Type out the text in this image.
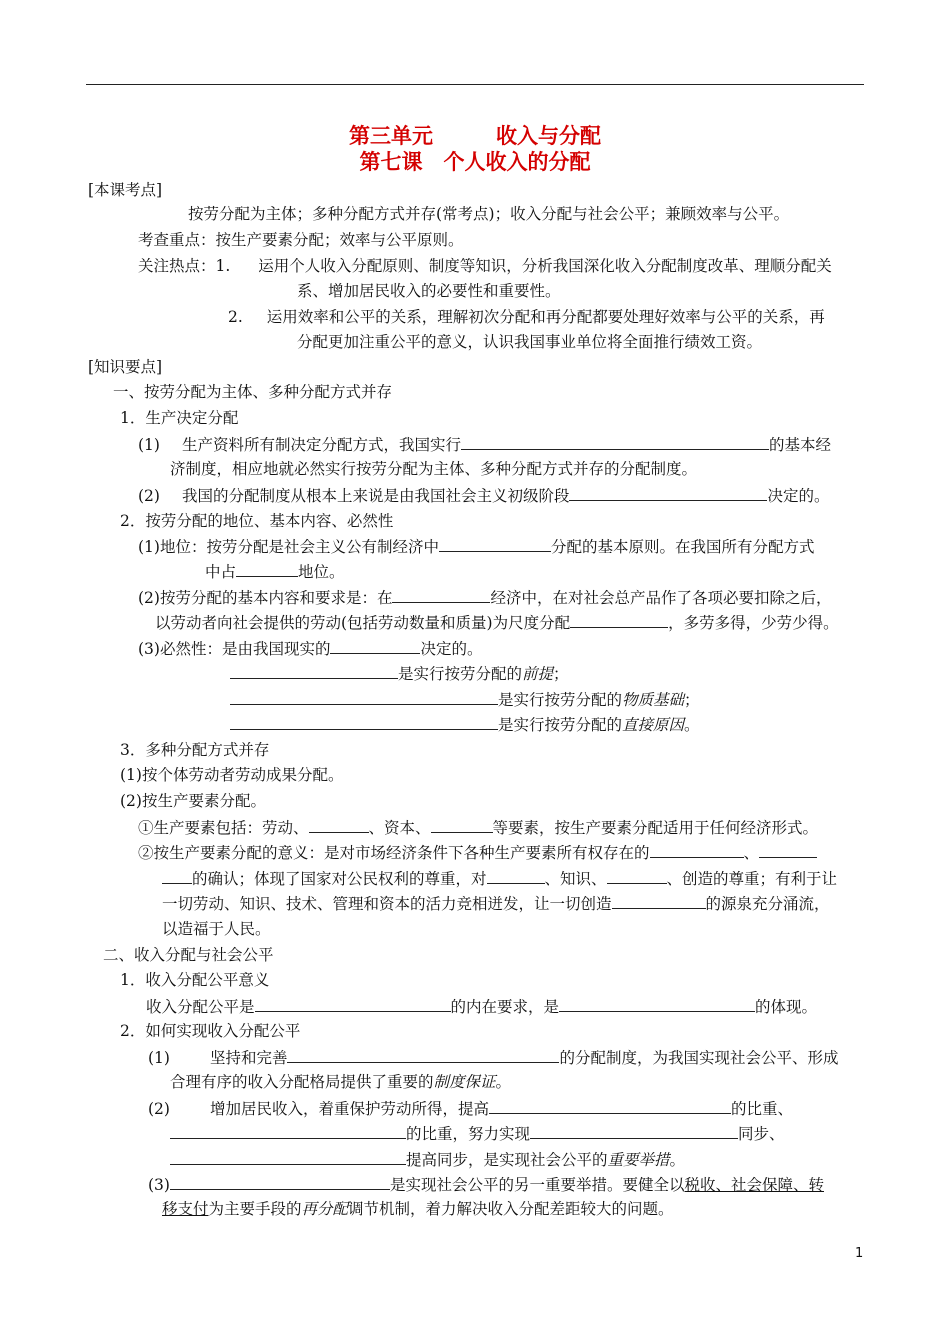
第三单元　　　收入与分配
第七课　个人收入的分配
[本课考点]
按劳分配为主体；多种分配方式并存(常考点)；收入分配与社会公平；兼顾效率与公平。
考查重点：按生产要素分配；效率与公平原则。
关注热点：1. 运用个人收入分配原则、制度等知识，分析我国深化收入分配制度改革、理顺分配关
系、增加居民收入的必要性和重要性。
2. 运用效率和公平的关系，理解初次分配和再分配都要处理好效率与公平的关系，再
分配更加注重公平的意义，认识我国事业单位将全面推行绩效工资。
[知识要点]
一、按劳分配为主体、多种分配方式并存
1．生产决定分配
(1) 生产资料所有制决定分配方式，我国实行	的基本经
济制度，相应地就必然实行按劳分配为主体、多种分配方式并存的分配制度。
(2) 我国的分配制度从根本上来说是由我国社会主义初级阶段	决定的。
2．按劳分配的地位、基本内容、必然性
(1)地位：按劳分配是社会主义公有制经济中	分配的基本原则。在我国所有分配方式
中占	地位。
(2)按劳分配的基本内容和要求是：在	经济中，在对社会总产品作了各项必要扣除之后，
以劳动者向社会提供的劳动(包括劳动数量和质量)为尺度分配	，多劳多得，少劳少得。
(3)必然性：是由我国现实的	决定的。
是实行按劳分配的前提；
是实行按劳分配的物质基础；
是实行按劳分配的直接原因。
3．多种分配方式并存
(1)按个体劳动者劳动成果分配。
(2)按生产要素分配。
①生产要素包括：劳动、	、资本、	等要素，按生产要素分配适用于任何经济形式。
②按生产要素分配的意义：是对市场经济条件下各种生产要素所有权存在的	、
的确认；体现了国家对公民权利的尊重，对	、知识、	、创造的尊重；有利于让
一切劳动、知识、技术、管理和资本的活力竞相迸发，让一切创造	的源泉充分涌流，
以造福于人民。
二、收入分配与社会公平
1．收入分配公平意义
收入分配公平是	的内在要求，是	的体现。
2．如何实现收入分配公平
(1)	坚持和完善	的分配制度，为我国实现社会公平、形成
合理有序的收入分配格局提供了重要的制度保证。
(2)	增加居民收入，着重保护劳动所得，提高	的比重、
的比重，努力实现	同步、
提高同步，是实现社会公平的重要举措。
(3)	是实现社会公平的另一重要举措。要健全以税收、社会保障、转
移支付为主要手段的再分配调节机制，着力解决收入分配差距较大的问题。
1
